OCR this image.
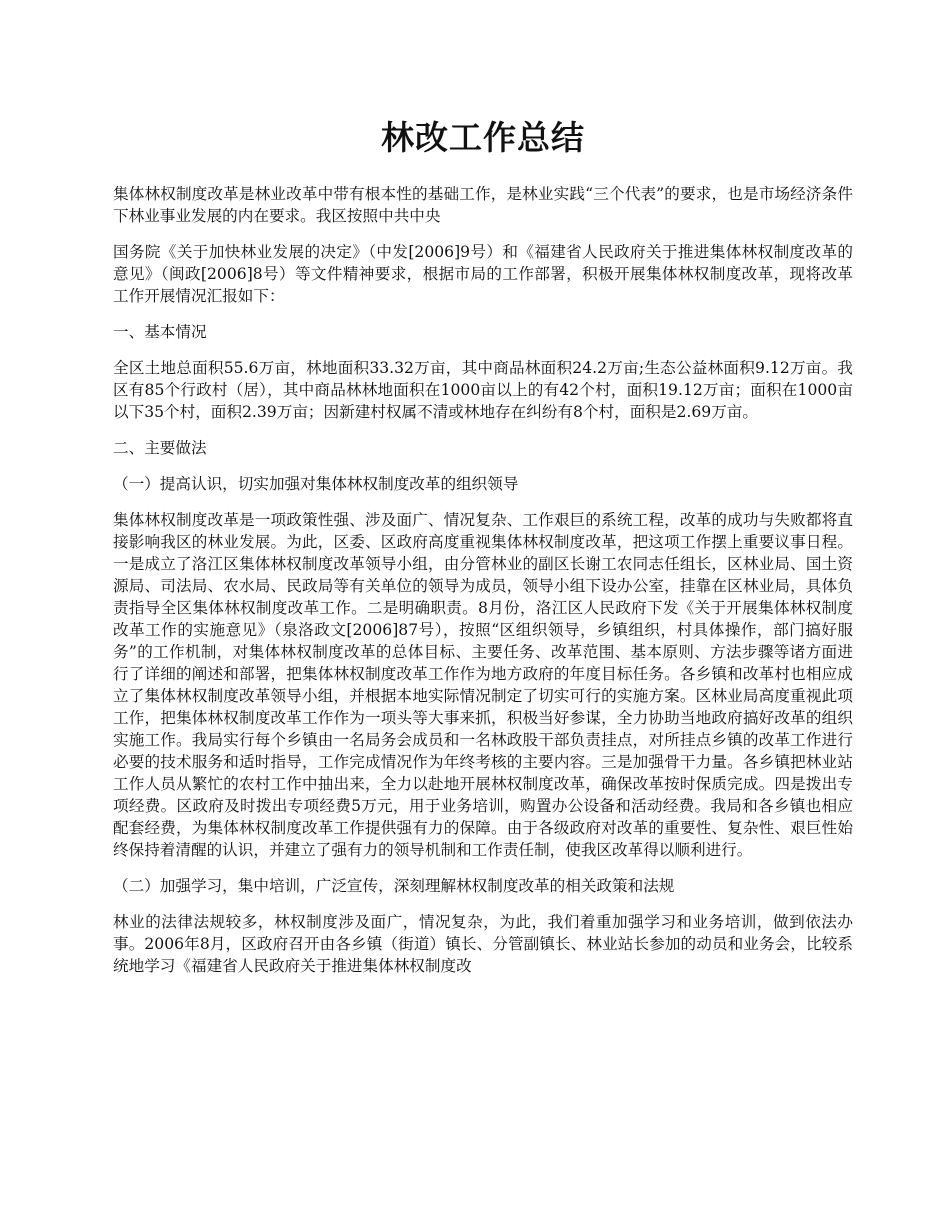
林改工作总结

集体林权制度改革是林业改革中带有根本性的基础工作，是林业实践“三个代表”的要求，也是市场经济条件下林业事业发展的内在要求。我区按照中共中央

国务院《关于加快林业发展的决定》（中发[2006]9号）和《福建省人民政府关于推进集体林权制度改革的意见》（闽政[2006]8号）等文件精神要求，根据市局的工作部署，积极开展集体林权制度改革，现将改革工作开展情况汇报如下：

一、基本情况

全区土地总面积55.6万亩，林地面积33.32万亩，其中商品林面积24.2万亩;生态公益林面积9.12万亩。我区有85个行政村（居），其中商品林林地面积在1000亩以上的有42个村，面积19.12万亩；面积在1000亩以下35个村，面积2.39万亩；因新建村权属不清或林地存在纠纷有8个村，面积是2.69万亩。

二、主要做法

（一）提高认识，切实加强对集体林权制度改革的组织领导

集体林权制度改革是一项政策性强、涉及面广、情况复杂、工作艰巨的系统工程，改革的成功与失败都将直接影响我区的林业发展。为此，区委、区政府高度重视集体林权制度改革，把这项工作摆上重要议事日程。一是成立了洛江区集体林权制度改革领导小组，由分管林业的副区长谢工农同志任组长，区林业局、国土资源局、司法局、农水局、民政局等有关单位的领导为成员，领导小组下设办公室，挂靠在区林业局，具体负责指导全区集体林权制度改革工作。二是明确职责。8月份，洛江区人民政府下发《关于开展集体林权制度改革工作的实施意见》（泉洛政文[2006]87号），按照“区组织领导，乡镇组织，村具体操作，部门搞好服务”的工作机制，对集体林权制度改革的总体目标、主要任务、改革范围、基本原则、方法步骤等诸方面进行了详细的阐述和部署，把集体林权制度改革工作作为地方政府的年度目标任务。各乡镇和改革村也相应成立了集体林权制度改革领导小组，并根据本地实际情况制定了切实可行的实施方案。区林业局高度重视此项工作，把集体林权制度改革工作作为一项头等大事来抓，积极当好参谋，全力协助当地政府搞好改革的组织实施工作。我局实行每个乡镇由一名局务会成员和一名林政股干部负责挂点，对所挂点乡镇的改革工作进行必要的技术服务和适时指导，工作完成情况作为年终考核的主要内容。三是加强骨干力量。各乡镇把林业站工作人员从繁忙的农村工作中抽出来，全力以赴地开展林权制度改革，确保改革按时保质完成。四是拨出专项经费。区政府及时拨出专项经费5万元，用于业务培训，购置办公设备和活动经费。我局和各乡镇也相应配套经费，为集体林权制度改革工作提供强有力的保障。由于各级政府对改革的重要性、复杂性、艰巨性始终保持着清醒的认识，并建立了强有力的领导机制和工作责任制，使我区改革得以顺利进行。

（二）加强学习，集中培训，广泛宣传，深刻理解林权制度改革的相关政策和法规

林业的法律法规较多，林权制度涉及面广，情况复杂，为此，我们着重加强学习和业务培训，做到依法办事。2006年8月，区政府召开由各乡镇（街道）镇长、分管副镇长、林业站长参加的动员和业务会，比较系统地学习《福建省人民政府关于推进集体林权制度改
